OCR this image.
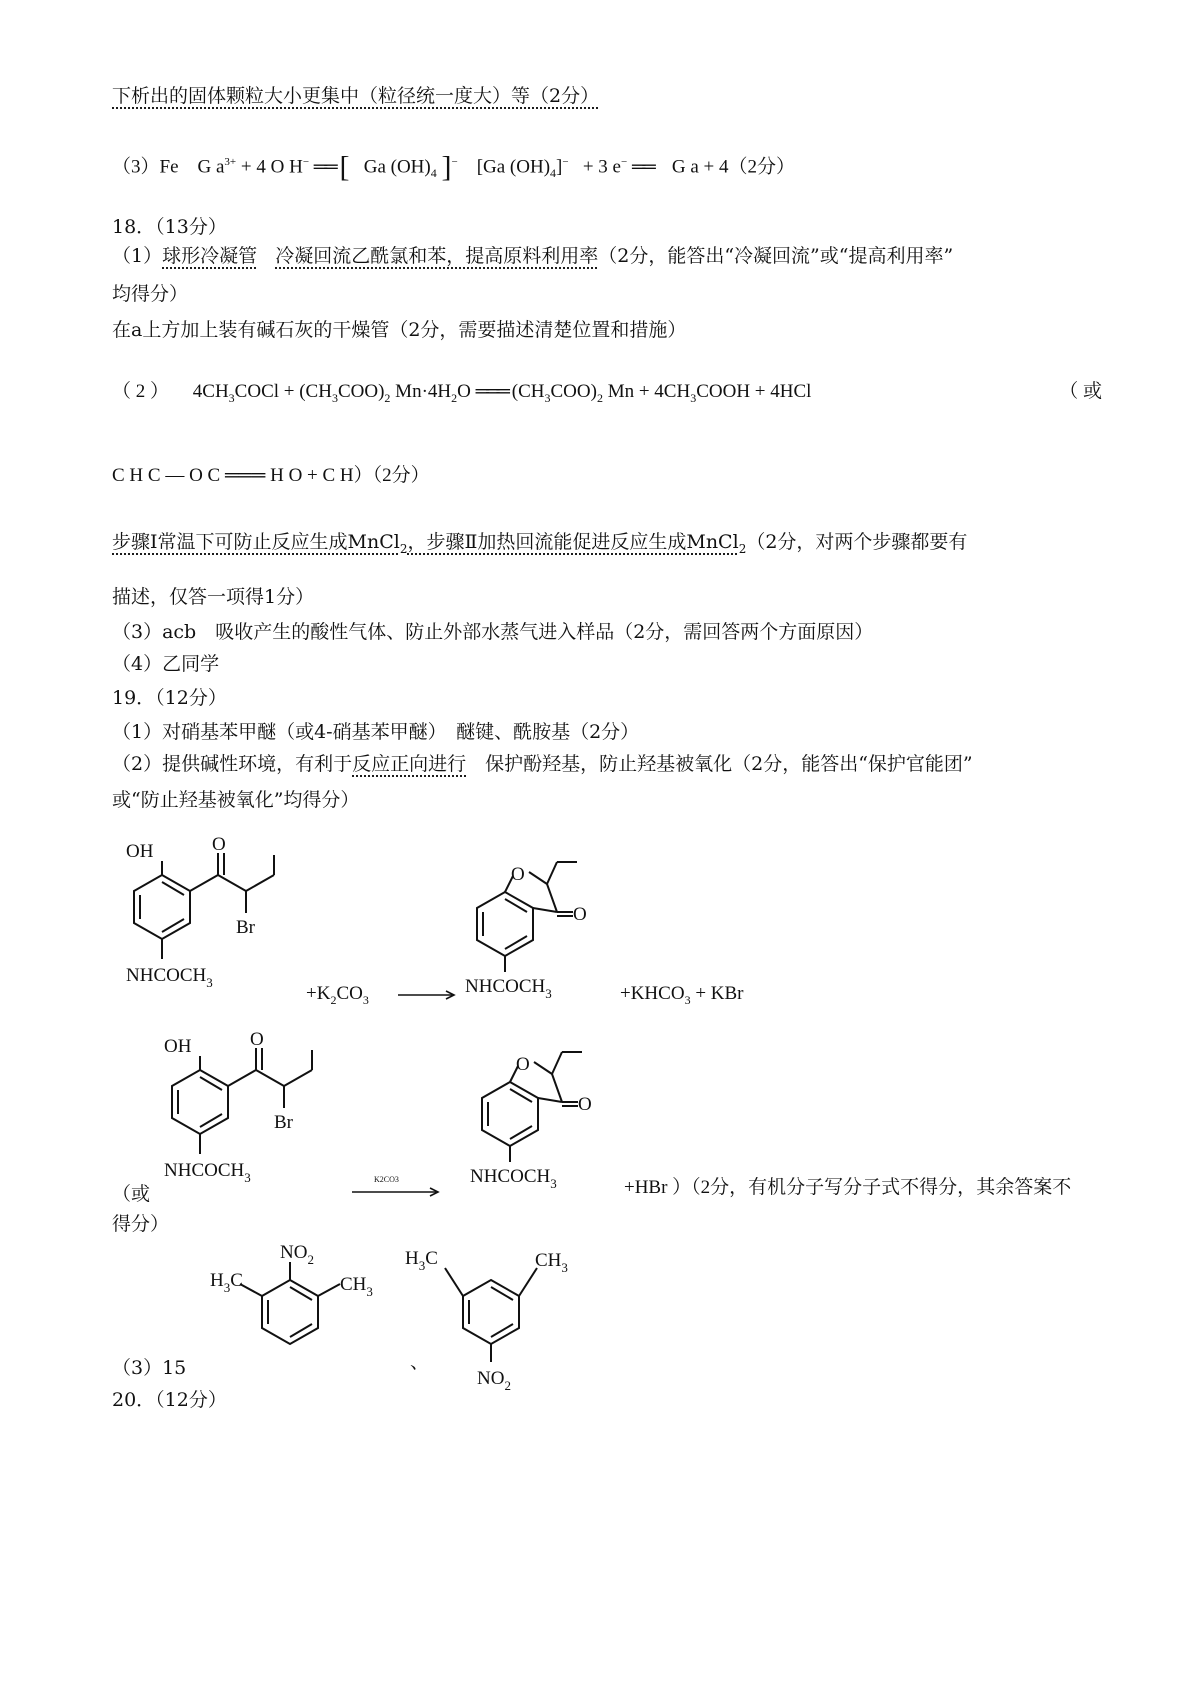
下析出的固体颗粒大小更集中（粒径统一度大）等（2分）
（3）Fe G $a^{3+} + 4$ O H− ══ [ Ga $(OH)_4$ ]− [Ga $(OH)_4]^- + 3$ e− ══ G a + 4（2分）
18．（13分）
（1）球形冷凝管 冷凝回流乙酰氯和苯，提高原料利用率（2分，能答出“冷凝回流”或“提高利用率”
均得分）
在a上方加上装有碱石灰的干燥管（2分，需要描述清楚位置和措施）
（ 2 ）     $4CH_3COCl + (CH_3COO)_2$ $Mn\cdot 4H_2O$ ═══ $(CH_3COO)_2$ $Mn + 4CH_3COOH + 4HCl$	（ 或
C H C — O C ═══ H O + C H）（2分）
步骤Ⅰ常温下可防止反应生成MnCl$_2$，步骤Ⅱ加热回流能促进反应生成MnCl$_2$（2分，对两个步骤都要有
描述，仅答一项得1分）
（3）acb　吸收产生的酸性气体、防止外部水蒸气进入样品（2分，需回答两个方面原因）
（4）乙同学
19．（12分）
（1）对硝基苯甲醚（或4-硝基苯甲醚）　醚键、酰胺基（2分）
（2）提供碱性环境，有利于反应正向进行　保护酚羟基，防止羟基被氧化（2分，能答出“保护官能团”
或“防止羟基被氧化”均得分）
OH	O
Br
$NHCOCH_3$
$+K_2CO_3$
O
O
$NHCOCH_3$	$+KHCO_3$ + KBr
OH	O
Br
$NHCOCH_3$
（或
K2CO3
O
O
$NHCOCH_3$	+HBr ）（2分，有机分子写分子式不得分，其余答案不
得分）
$NO_2$
$H_3C$	$CH_3$
、
$H_3C$	$CH_3$
$NO_2$
（3）15
20．（12分）
